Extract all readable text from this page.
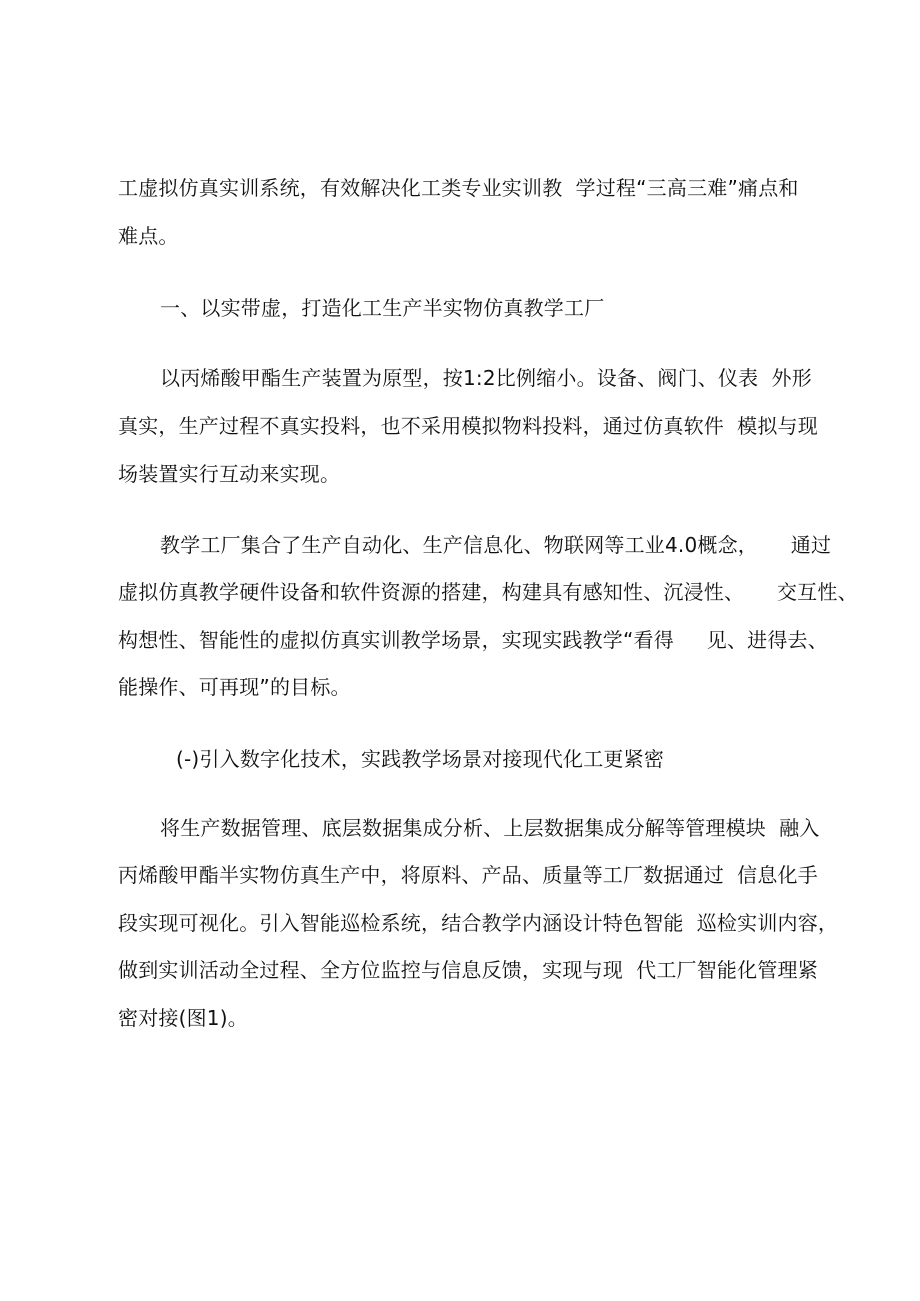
工虚拟仿真实训系统，有效解决化工类专业实训教  学过程“三高三难”痛点和
难点。
一、以实带虚，打造化工生产半实物仿真教学工厂
以丙烯酸甲酯生产装置为原型，按1:2比例缩小。设备、阀门、仪表  外形
真实，生产过程不真实投料，也不采用模拟物料投料，通过仿真软件  模拟与现
场装置实行互动来实现。
教学工厂集合了生产自动化、生产信息化、物联网等工业4.0概念，     通过
虚拟仿真教学硬件设备和软件资源的搭建，构建具有感知性、沉浸性、     交互性、
构想性、智能性的虚拟仿真实训教学场景，实现实践教学“看得     见、进得去、
能操作、可再现”的目标。
(-)引入数字化技术，实践教学场景对接现代化工更紧密
将生产数据管理、底层数据集成分析、上层数据集成分解等管理模块  融入
丙烯酸甲酯半实物仿真生产中，将原料、产品、质量等工厂数据通过  信息化手
段实现可视化。引入智能巡检系统，结合教学内涵设计特色智能  巡检实训内容，
做到实训活动全过程、全方位监控与信息反馈，实现与现  代工厂智能化管理紧
密对接(图1)。
